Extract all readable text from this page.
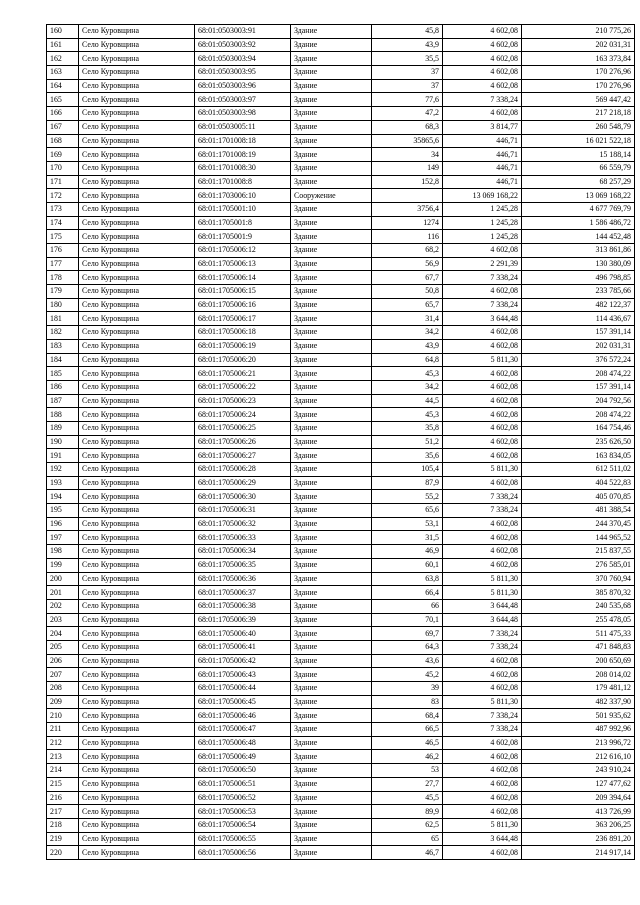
160	Село Куровщина	68:01:0503003:91	Здание	45,8	4 602,08	210 775,26
161	Село Куровщина	68:01:0503003:92	Здание	43,9	4 602,08	202 031,31
162	Село Куровщина	68:01:0503003:94	Здание	35,5	4 602,08	163 373,84
163	Село Куровщина	68:01:0503003:95	Здание	37	4 602,08	170 276,96
164	Село Куровщина	68:01:0503003:96	Здание	37	4 602,08	170 276,96
165	Село Куровщина	68:01:0503003:97	Здание	77,6	7 338,24	569 447,42
166	Село Куровщина	68:01:0503003:98	Здание	47,2	4 602,08	217 218,18
167	Село Куровщина	68:01:0503005:11	Здание	68,3	3 814,77	260 548,79
168	Село Куровщина	68:01:1701008:18	Здание	35865,6	446,71	16 021 522,18
169	Село Куровщина	68:01:1701008:19	Здание	34	446,71	15 188,14
170	Село Куровщина	68:01:1701008:30	Здание	149	446,71	66 559,79
171	Село Куровщина	68:01:1701008:8	Здание	152,8	446,71	68 257,29
172	Село Куровщина	68:01:1703006:10	Сооружение		13 069 168,22	13 069 168,22
173	Село Куровщина	68:01:1705001:10	Здание	3756,4	1 245,28	4 677 769,79
174	Село Куровщина	68:01:1705001:8	Здание	1274	1 245,28	1 586 486,72
175	Село Куровщина	68:01:1705001:9	Здание	116	1 245,28	144 452,48
176	Село Куровщина	68:01:1705006:12	Здание	68,2	4 602,08	313 861,86
177	Село Куровщина	68:01:1705006:13	Здание	56,9	2 291,39	130 380,09
178	Село Куровщина	68:01:1705006:14	Здание	67,7	7 338,24	496 798,85
179	Село Куровщина	68:01:1705006:15	Здание	50,8	4 602,08	233 785,66
180	Село Куровщина	68:01:1705006:16	Здание	65,7	7 338,24	482 122,37
181	Село Куровщина	68:01:1705006:17	Здание	31,4	3 644,48	114 436,67
182	Село Куровщина	68:01:1705006:18	Здание	34,2	4 602,08	157 391,14
183	Село Куровщина	68:01:1705006:19	Здание	43,9	4 602,08	202 031,31
184	Село Куровщина	68:01:1705006:20	Здание	64,8	5 811,30	376 572,24
185	Село Куровщина	68:01:1705006:21	Здание	45,3	4 602,08	208 474,22
186	Село Куровщина	68:01:1705006:22	Здание	34,2	4 602,08	157 391,14
187	Село Куровщина	68:01:1705006:23	Здание	44,5	4 602,08	204 792,56
188	Село Куровщина	68:01:1705006:24	Здание	45,3	4 602,08	208 474,22
189	Село Куровщина	68:01:1705006:25	Здание	35,8	4 602,08	164 754,46
190	Село Куровщина	68:01:1705006:26	Здание	51,2	4 602,08	235 626,50
191	Село Куровщина	68:01:1705006:27	Здание	35,6	4 602,08	163 834,05
192	Село Куровщина	68:01:1705006:28	Здание	105,4	5 811,30	612 511,02
193	Село Куровщина	68:01:1705006:29	Здание	87,9	4 602,08	404 522,83
194	Село Куровщина	68:01:1705006:30	Здание	55,2	7 338,24	405 070,85
195	Село Куровщина	68:01:1705006:31	Здание	65,6	7 338,24	481 388,54
196	Село Куровщина	68:01:1705006:32	Здание	53,1	4 602,08	244 370,45
197	Село Куровщина	68:01:1705006:33	Здание	31,5	4 602,08	144 965,52
198	Село Куровщина	68:01:1705006:34	Здание	46,9	4 602,08	215 837,55
199	Село Куровщина	68:01:1705006:35	Здание	60,1	4 602,08	276 585,01
200	Село Куровщина	68:01:1705006:36	Здание	63,8	5 811,30	370 760,94
201	Село Куровщина	68:01:1705006:37	Здание	66,4	5 811,30	385 870,32
202	Село Куровщина	68:01:1705006:38	Здание	66	3 644,48	240 535,68
203	Село Куровщина	68:01:1705006:39	Здание	70,1	3 644,48	255 478,05
204	Село Куровщина	68:01:1705006:40	Здание	69,7	7 338,24	511 475,33
205	Село Куровщина	68:01:1705006:41	Здание	64,3	7 338,24	471 848,83
206	Село Куровщина	68:01:1705006:42	Здание	43,6	4 602,08	200 650,69
207	Село Куровщина	68:01:1705006:43	Здание	45,2	4 602,08	208 014,02
208	Село Куровщина	68:01:1705006:44	Здание	39	4 602,08	179 481,12
209	Село Куровщина	68:01:1705006:45	Здание	83	5 811,30	482 337,90
210	Село Куровщина	68:01:1705006:46	Здание	68,4	7 338,24	501 935,62
211	Село Куровщина	68:01:1705006:47	Здание	66,5	7 338,24	487 992,96
212	Село Куровщина	68:01:1705006:48	Здание	46,5	4 602,08	213 996,72
213	Село Куровщина	68:01:1705006:49	Здание	46,2	4 602,08	212 616,10
214	Село Куровщина	68:01:1705006:50	Здание	53	4 602,08	243 910,24
215	Село Куровщина	68:01:1705006:51	Здание	27,7	4 602,08	127 477,62
216	Село Куровщина	68:01:1705006:52	Здание	45,5	4 602,08	209 394,64
217	Село Куровщина	68:01:1705006:53	Здание	89,9	4 602,08	413 726,99
218	Село Куровщина	68:01:1705006:54	Здание	62,5	5 811,30	363 206,25
219	Село Куровщина	68:01:1705006:55	Здание	65	3 644,48	236 891,20
220	Село Куровщина	68:01:1705006:56	Здание	46,7	4 602,08	214 917,14
